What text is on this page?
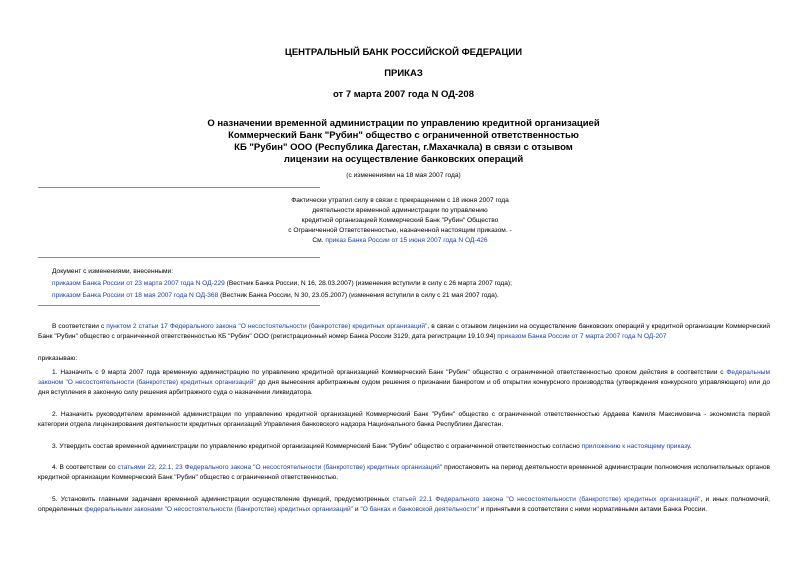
ЦЕНТРАЛЬНЫЙ БАНК РОССИЙСКОЙ ФЕДЕРАЦИИ
ПРИКАЗ
от 7 марта 2007 года N ОД-208
О назначении временной администрации по управлению кредитной организацией
Коммерческий Банк "Рубин" общество с ограниченной ответственностью
КБ "Рубин" ООО (Республика Дагестан, г.Махачкала) в связи с отзывом
лицензии на осуществление банковских операций
(с изменениями на 18 мая 2007 года)
Фактически утратил силу в связи с прекращением с 18 июня 2007 года
деятельности временной администрации по управлению
кредитной организацией Коммерческий Банк "Рубин" Общество
с Ограниченной Ответственностью, назначенной настоящим приказом. -
См. приказ Банка России от 15 июня 2007 года N ОД-426
Документ с изменениями, внесенными:
приказом Банка России от 23 марта 2007 года N ОД-229 (Вестник Банка России, N 16, 28.03.2007) (изменения вступили в силу с 26 марта 2007 года);
приказом Банка России от 18 мая 2007 года N ОД-368 (Вестник Банка России, N 30, 23.05.2007) (изменения вступили в силу с 21 мая 2007 года).
В соответствии с пунктом 2 статьи 17 Федерального закона "О несостоятельности (банкротстве) кредитных организаций", в связи с отзывом лицензии на осуществление банковских операций у кредитной организации Коммерческий Банк "Рубин" общество с ограниченной ответственностью КБ "Рубин" ООО (регистрационный номер Банка России 3129, дата регистрации 19.10.94) приказом Банка России от 7 марта 2007 года N ОД-207
приказываю:
1. Назначить с 9 марта 2007 года временную администрацию по управлению кредитной организацией Коммерческий Банк "Рубин" общество с ограниченной ответственностью сроком действия в соответствии с Федеральным законом "О несостоятельности (банкротстве) кредитных организаций" до дня вынесения арбитражным судом решения о признании банкротом и об открытии конкурсного производства (утверждения конкурсного управляющего) или до дня вступления в законную силу решения арбитражного суда о назначении ликвидатора.
2. Назначить руководителем временной администрации по управлению кредитной организацией Коммерческий Банк "Рубин" общество с ограниченной ответственностью Ардаева Камиля Максимовича - экономиста первой категории отдела лицензирования деятельности кредитных организаций Управления банковского надзора Национального банка Республики Дагестан.
3. Утвердить состав временной администрации по управлению кредитной организацией Коммерческий Банк "Рубин" общество с ограниченной ответственностью согласно приложению к настоящему приказу.
4. В соответствии со статьями 22, 22.1, 23 Федерального закона "О несостоятельности (банкротстве) кредитных организаций" приостановить на период деятельности временной администрации полномочия исполнительных органов кредитной организации Коммерческий Банк "Рубин" общество с ограниченной ответственностью.
5. Установить главными задачами временной администрации осуществление функций, предусмотренных статьей 22.1 Федерального закона "О несостоятельности (банкротстве) кредитных организаций", и иных полномочий, определенных федеральными законами "О несостоятельности (банкротстве) кредитных организаций" и "О банках и банковской деятельности" и принятыми в соответствии с ними нормативными актами Банка России.
